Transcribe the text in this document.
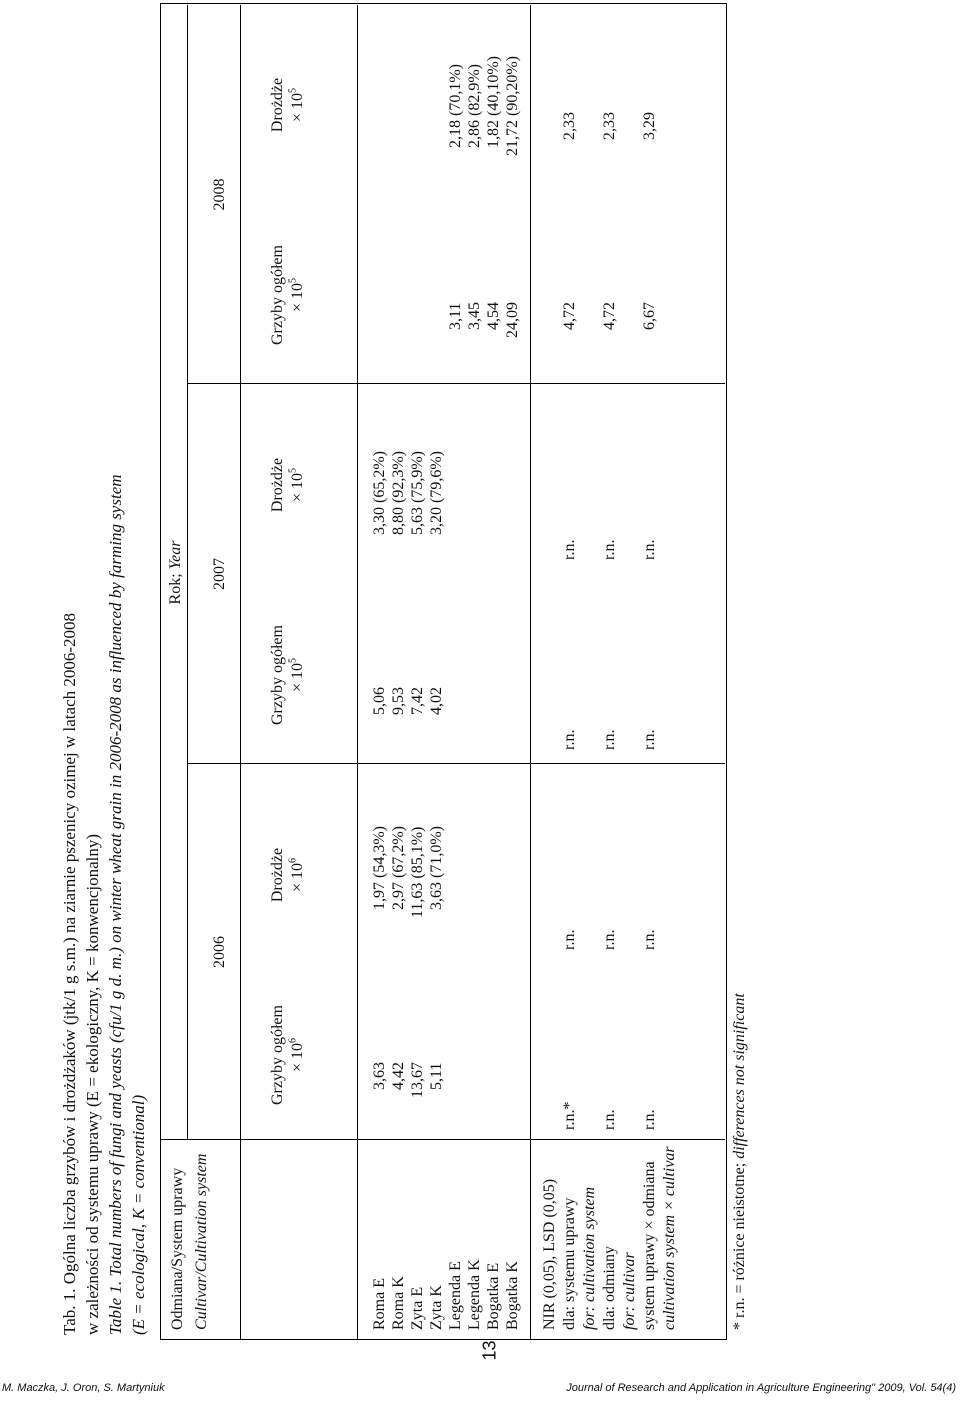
Tab. 1. Ogólna liczba grzybów i drożdżaków (jtk/1 g s.m.) na ziarnie pszenicy ozimej w latach 2006-2008 w zależności od systemu uprawy (E = ekologiczny, K = konwencjonalny) Table 1. Total numbers of fungi and yeasts (cfu/1 g d. m.) on winter wheat grain in 2006-2008 as influenced by farming system (E = ecological, K = conventional) Odmiana/System uprawy Cultivar/Cultivation system
Rok; Year
2006
2007
2008
Grzyby ogółem × $10^6$
Drożdże × $10^6$
Grzyby ogółem × $10^5$
Drożdże × $10^5$
Grzyby ogółem × $10^5$
Drożdże × $10^5$
Roma E
3,63
1,97 (54,3%)
5,06
3,30 (65,2%)
Roma K
4,42
2,97 (67,2%)
9,53
8,80 (92,3%)
Zyta E
13,67
11,63 (85,1%)
7,42
5,63 (75,9%)
Zyta K
5,11
3,63 (71,0%)
4,02
3,20 (79,6%)
Legenda E
3,11
2,18 (70,1%)
Legenda K
3,45
2,86 (82,9%)
Bogatka E
4,54
1,82 (40,10%)
Bogatka K
24,09
21,72 (90,20%)
NIR (0,05), LSD (0,05) dla: systemu uprawy for: cultivation system
r.n.*
r.n.
r.n.
r.n.
4,72
2,33
dla: odmiany for: cultivar
r.n.
r.n.
r.n.
r.n.
4,72
2,33
system uprawy × odmiana cultivation system × cultivar
r.n.
r.n.
r.n.
r.n.
6,67
3,29
* r.n. = różnice nieistotne; differences not significant
13
M. Maczka, J. Oron, S. Martyniuk	Journal of Research and Application in Agriculture Engineering" 2009, Vol. 54(4)
